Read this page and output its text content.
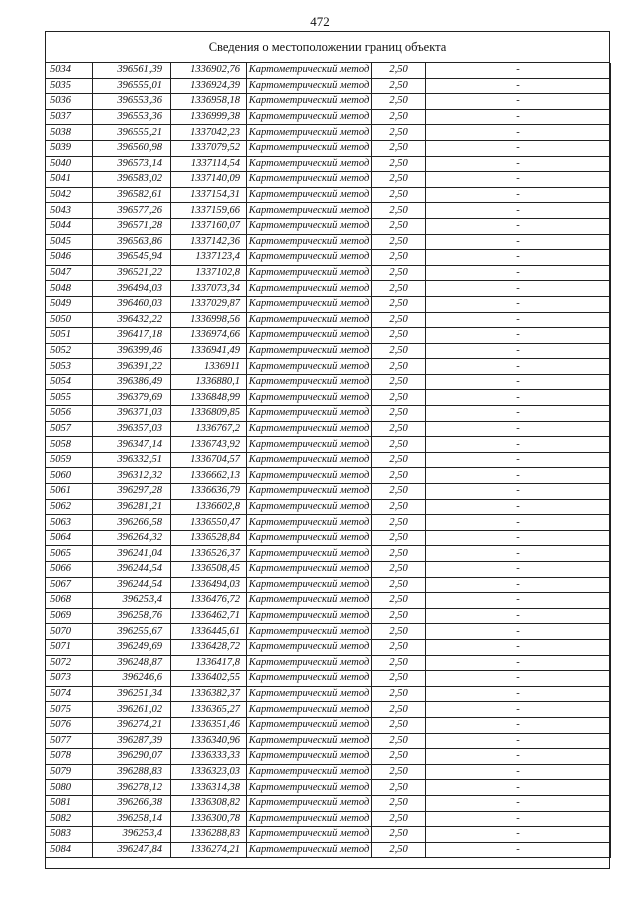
472
Сведения о местоположении границ объекта
5034	396561,39	1336902,76	Картометрический метод	2,50	-
5035	396555,01	1336924,39	Картометрический метод	2,50	-
5036	396553,36	1336958,18	Картометрический метод	2,50	-
5037	396553,36	1336999,38	Картометрический метод	2,50	-
5038	396555,21	1337042,23	Картометрический метод	2,50	-
5039	396560,98	1337079,52	Картометрический метод	2,50	-
5040	396573,14	1337114,54	Картометрический метод	2,50	-
5041	396583,02	1337140,09	Картометрический метод	2,50	-
5042	396582,61	1337154,31	Картометрический метод	2,50	-
5043	396577,26	1337159,66	Картометрический метод	2,50	-
5044	396571,28	1337160,07	Картометрический метод	2,50	-
5045	396563,86	1337142,36	Картометрический метод	2,50	-
5046	396545,94	1337123,4	Картометрический метод	2,50	-
5047	396521,22	1337102,8	Картометрический метод	2,50	-
5048	396494,03	1337073,34	Картометрический метод	2,50	-
5049	396460,03	1337029,87	Картометрический метод	2,50	-
5050	396432,22	1336998,56	Картометрический метод	2,50	-
5051	396417,18	1336974,66	Картометрический метод	2,50	-
5052	396399,46	1336941,49	Картометрический метод	2,50	-
5053	396391,22	1336911	Картометрический метод	2,50	-
5054	396386,49	1336880,1	Картометрический метод	2,50	-
5055	396379,69	1336848,99	Картометрический метод	2,50	-
5056	396371,03	1336809,85	Картометрический метод	2,50	-
5057	396357,03	1336767,2	Картометрический метод	2,50	-
5058	396347,14	1336743,92	Картометрический метод	2,50	-
5059	396332,51	1336704,57	Картометрический метод	2,50	-
5060	396312,32	1336662,13	Картометрический метод	2,50	-
5061	396297,28	1336636,79	Картометрический метод	2,50	-
5062	396281,21	1336602,8	Картометрический метод	2,50	-
5063	396266,58	1336550,47	Картометрический метод	2,50	-
5064	396264,32	1336528,84	Картометрический метод	2,50	-
5065	396241,04	1336526,37	Картометрический метод	2,50	-
5066	396244,54	1336508,45	Картометрический метод	2,50	-
5067	396244,54	1336494,03	Картометрический метод	2,50	-
5068	396253,4	1336476,72	Картометрический метод	2,50	-
5069	396258,76	1336462,71	Картометрический метод	2,50	-
5070	396255,67	1336445,61	Картометрический метод	2,50	-
5071	396249,69	1336428,72	Картометрический метод	2,50	-
5072	396248,87	1336417,8	Картометрический метод	2,50	-
5073	396246,6	1336402,55	Картометрический метод	2,50	-
5074	396251,34	1336382,37	Картометрический метод	2,50	-
5075	396261,02	1336365,27	Картометрический метод	2,50	-
5076	396274,21	1336351,46	Картометрический метод	2,50	-
5077	396287,39	1336340,96	Картометрический метод	2,50	-
5078	396290,07	1336333,33	Картометрический метод	2,50	-
5079	396288,83	1336323,03	Картометрический метод	2,50	-
5080	396278,12	1336314,38	Картометрический метод	2,50	-
5081	396266,38	1336308,82	Картометрический метод	2,50	-
5082	396258,14	1336300,78	Картометрический метод	2,50	-
5083	396253,4	1336288,83	Картометрический метод	2,50	-
5084	396247,84	1336274,21	Картометрический метод	2,50	-
